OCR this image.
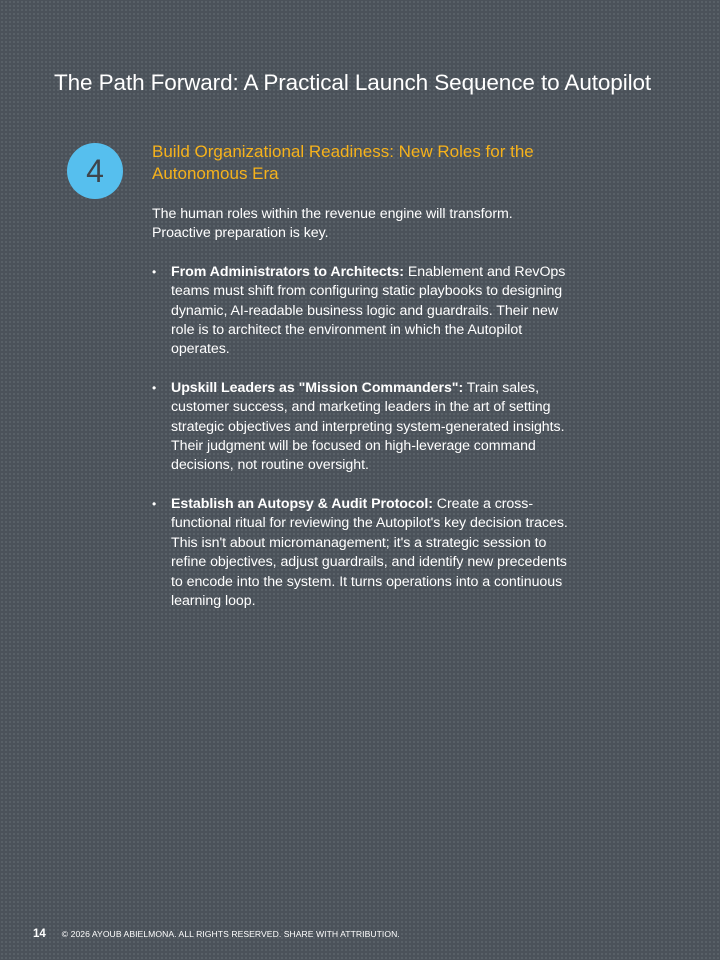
The Path Forward: A Practical Launch Sequence to Autopilot
4
Build Organizational Readiness: New Roles for the Autonomous Era

The human roles within the revenue engine will transform. Proactive preparation is key.

• From Administrators to Architects: Enablement and RevOps teams must shift from configuring static playbooks to designing dynamic, AI-readable business logic and guardrails. Their new role is to architect the environment in which the Autopilot operates.
• Upskill Leaders as "Mission Commanders": Train sales, customer success, and marketing leaders in the art of setting strategic objectives and interpreting system-generated insights. Their judgment will be focused on high-leverage command decisions, not routine oversight.
• Establish an Autopsy & Audit Protocol: Create a cross-functional ritual for reviewing the Autopilot's key decision traces. This isn't about micromanagement; it's a strategic session to refine objectives, adjust guardrails, and identify new precedents to encode into the system. It turns operations into a continuous learning loop.
14 © 2026 AYOUB ABIELMONA. ALL RIGHTS RESERVED. SHARE WITH ATTRIBUTION.
